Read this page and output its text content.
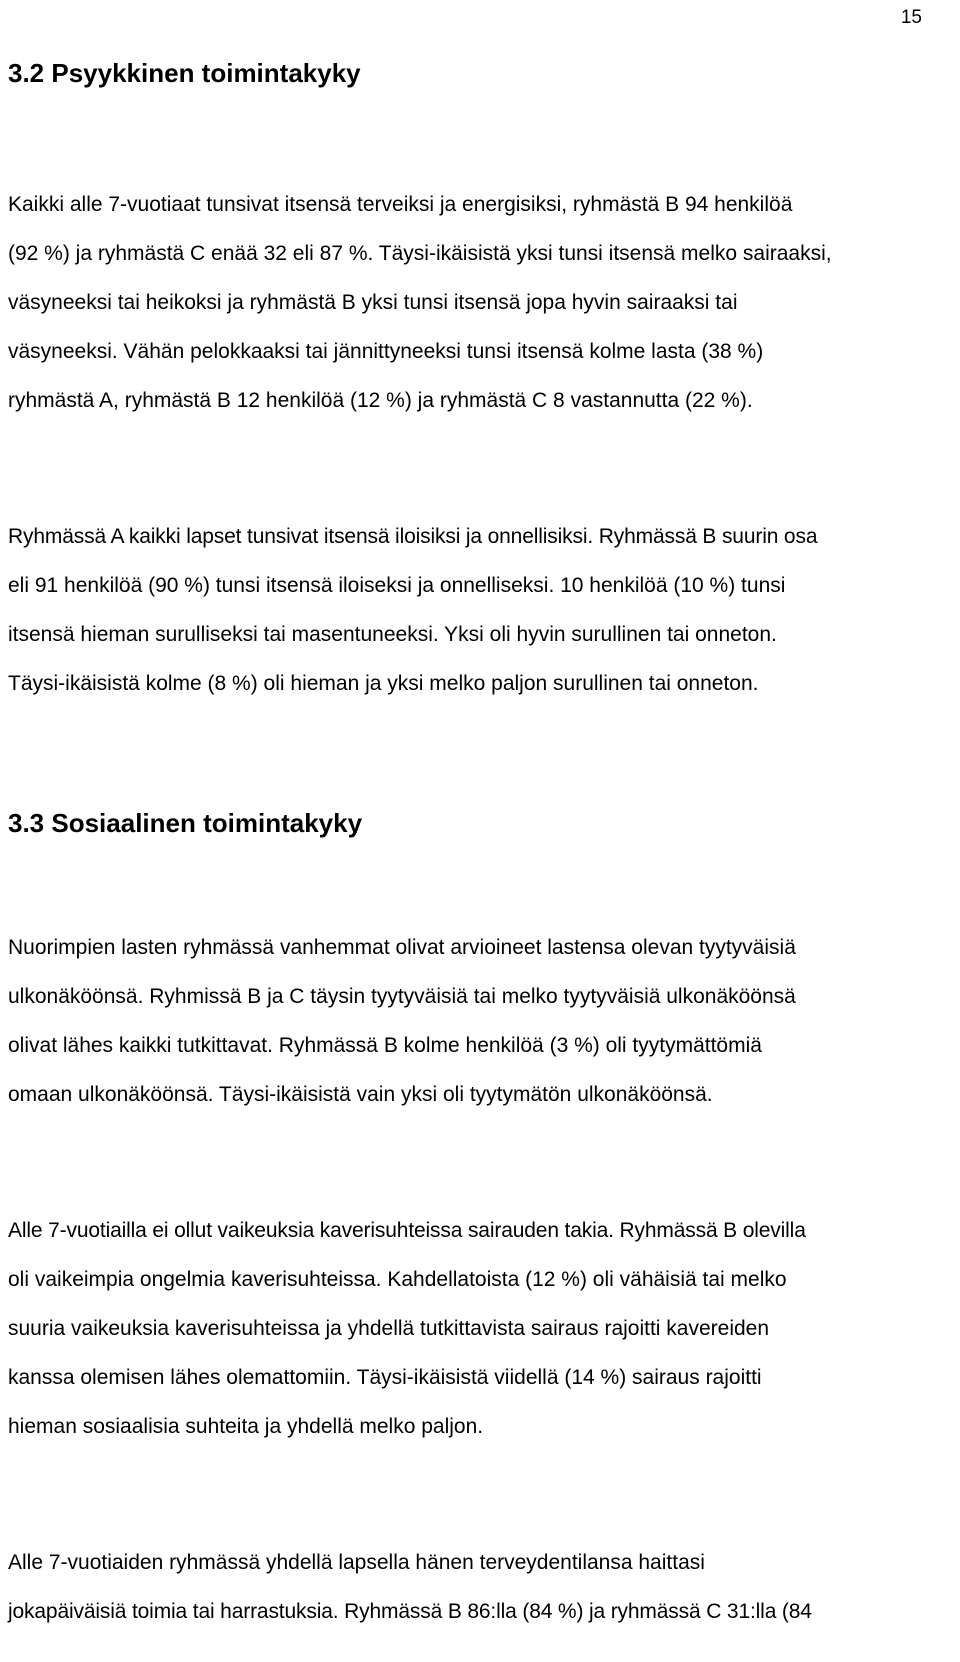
15
3.2 Psyykkinen toimintakyky

Kaikki alle 7-vuotiaat tunsivat itsensä terveiksi ja energisiksi, ryhmästä B 94 henkilöä
(92 %) ja ryhmästä C enää 32 eli 87 %. Täysi-ikäisistä yksi tunsi itsensä melko sairaaksi,
väsyneeksi tai heikoksi ja ryhmästä B yksi tunsi itsensä jopa hyvin sairaaksi tai
väsyneeksi. Vähän pelokkaaksi tai jännittyneeksi tunsi itsensä kolme lasta (38 %)
ryhmästä A, ryhmästä B 12 henkilöä (12 %) ja ryhmästä C 8 vastannutta (22 %).

Ryhmässä A kaikki lapset tunsivat itsensä iloisiksi ja onnellisiksi. Ryhmässä B suurin osa
eli 91 henkilöä (90 %) tunsi itsensä iloiseksi ja onnelliseksi. 10 henkilöä (10 %) tunsi
itsensä hieman surulliseksi tai masentuneeksi. Yksi oli hyvin surullinen tai onneton.
Täysi-ikäisistä kolme (8 %) oli hieman ja yksi melko paljon surullinen tai onneton.

3.3 Sosiaalinen toimintakyky

Nuorimpien lasten ryhmässä vanhemmat olivat arvioineet lastensa olevan tyytyväisiä
ulkonäköönsä. Ryhmissä B ja C täysin tyytyväisiä tai melko tyytyväisiä ulkonäköönsä
olivat lähes kaikki tutkittavat. Ryhmässä B kolme henkilöä (3 %) oli tyytymättömiä
omaan ulkonäköönsä. Täysi-ikäisistä vain yksi oli tyytymätön ulkonäköönsä.

Alle 7-vuotiailla ei ollut vaikeuksia kaverisuhteissa sairauden takia. Ryhmässä B olevilla
oli vaikeimpia ongelmia kaverisuhteissa. Kahdellatoista (12 %) oli vähäisiä tai melko
suuria vaikeuksia kaverisuhteissa ja yhdellä tutkittavista sairaus rajoitti kavereiden
kanssa olemisen lähes olemattomiin. Täysi-ikäisistä viidellä (14 %) sairaus rajoitti
hieman sosiaalisia suhteita ja yhdellä melko paljon.

Alle 7-vuotiaiden ryhmässä yhdellä lapsella hänen terveydentilansa haittasi
jokapäiväisiä toimia tai harrastuksia. Ryhmässä B 86:lla (84 %) ja ryhmässä C 31:lla (84
